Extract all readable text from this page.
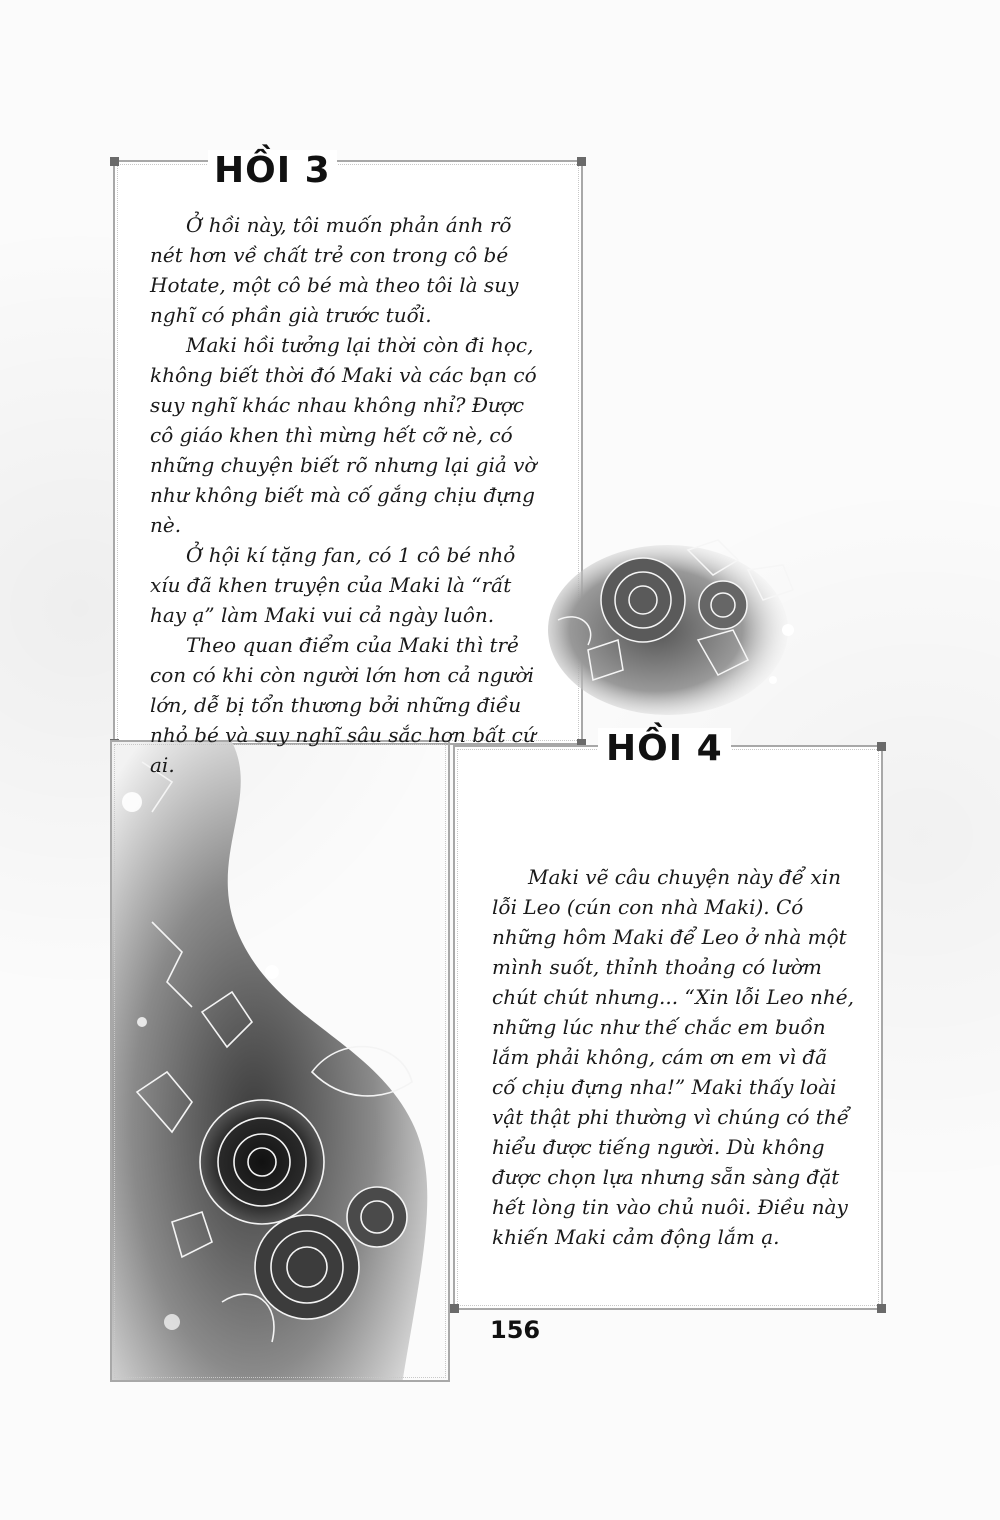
HỒI 3

Ở hồi này, tôi muốn phản ánh rõ nét hơn về chất trẻ con trong cô bé Hotate, một cô bé mà theo tôi là suy nghĩ có phần già trước tuổi.

Maki hồi tưởng lại thời còn đi học, không biết thời đó Maki và các bạn có suy nghĩ khác nhau không nhỉ? Được cô giáo khen thì mừng hết cỡ nè, có những chuyện biết rõ nhưng lại giả vờ như không biết mà cố gắng chịu đựng nè.

Ở hội kí tặng fan, có 1 cô bé nhỏ xíu đã khen truyện của Maki là “rất hay ạ” làm Maki vui cả ngày luôn.

Theo quan điểm của Maki thì trẻ con có khi còn người lớn hơn cả người lớn, dễ bị tổn thương bởi những điều nhỏ bé và suy nghĩ sâu sắc hơn bất cứ ai.	HỒI 4

Maki vẽ câu chuyện này để xin lỗi Leo (cún con nhà Maki). Có những hôm Maki để Leo ở nhà một mình suốt, thỉnh thoảng có lườm chút chút nhưng... “Xin lỗi Leo nhé, những lúc như thế chắc em buồn lắm phải không, cám ơn em vì đã cố chịu đựng nha!” Maki thấy loài vật thật phi thường vì chúng có thể hiểu được tiếng người. Dù không được chọn lựa nhưng sẵn sàng đặt hết lòng tin vào chủ nuôi. Điều này khiến Maki cảm động lắm ạ.

156
